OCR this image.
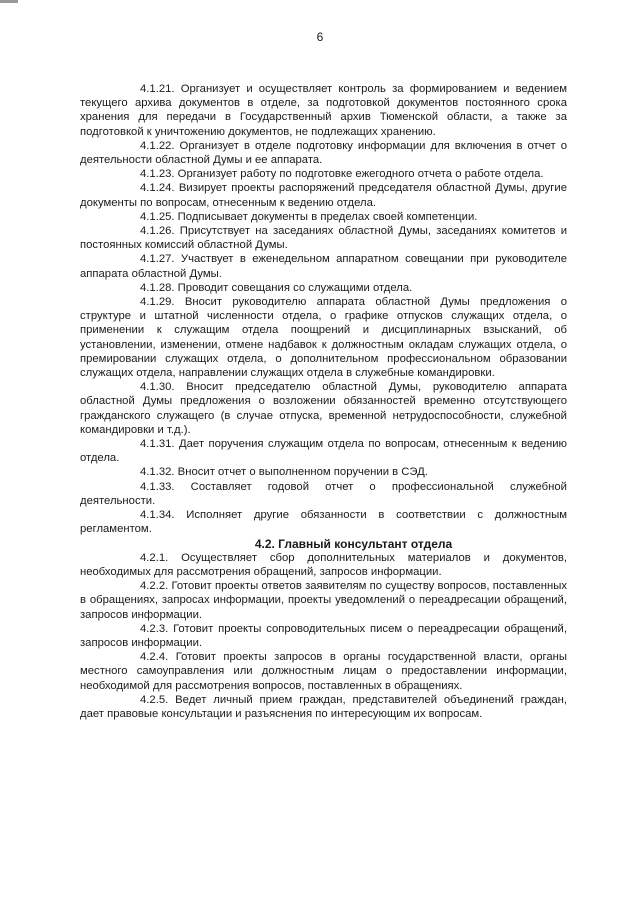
6

4.1.21. Организует и осуществляет контроль за формированием и ведением текущего архива документов в отделе, за подготовкой документов постоянного срока хранения для передачи в Государственный архив Тюменской области, а также за подготовкой к уничтожению документов, не подлежащих хранению.

4.1.22. Организует в отделе подготовку информации для включения в отчет о деятельности областной Думы и ее аппарата.

4.1.23. Организует работу по подготовке ежегодного отчета о работе отдела.

4.1.24. Визирует проекты распоряжений председателя областной Думы, другие документы по вопросам, отнесенным к ведению отдела.

4.1.25. Подписывает документы в пределах своей компетенции.

4.1.26. Присутствует на заседаниях областной Думы, заседаниях комитетов и постоянных комиссий областной Думы.

4.1.27. Участвует в еженедельном аппаратном совещании при руководителе аппарата областной Думы.

4.1.28. Проводит совещания со служащими отдела.

4.1.29. Вносит руководителю аппарата областной Думы предложения о структуре и штатной численности отдела, о графике отпусков служащих отдела, о применении к служащим отдела поощрений и дисциплинарных взысканий, об установлении, изменении, отмене надбавок к должностным окладам служащих отдела, о премировании служащих отдела, о дополнительном профессиональном образовании служащих отдела, направлении служащих отдела в служебные командировки.

4.1.30. Вносит председателю областной Думы, руководителю аппарата областной Думы предложения о возложении обязанностей временно отсутствующего гражданского служащего (в случае отпуска, временной нетрудоспособности, служебной командировки и т.д.).

4.1.31. Дает поручения служащим отдела по вопросам, отнесенным к ведению отдела.

4.1.32. Вносит отчет о выполненном поручении в СЭД.

4.1.33. Составляет годовой отчет о профессиональной служебной деятельности.

4.1.34. Исполняет другие обязанности в соответствии с должностным регламентом.

4.2. Главный консультант отдела

4.2.1. Осуществляет сбор дополнительных материалов и документов, необходимых для рассмотрения обращений, запросов информации.

4.2.2. Готовит проекты ответов заявителям по существу вопросов, поставленных в обращениях, запросах информации, проекты уведомлений о переадресации обращений, запросов информации.

4.2.3. Готовит проекты сопроводительных писем о переадресации обращений, запросов информации.

4.2.4. Готовит проекты запросов в органы государственной власти, органы местного самоуправления или должностным лицам о предоставлении информации, необходимой для рассмотрения вопросов, поставленных в обращениях.

4.2.5. Ведет личный прием граждан, представителей объединений граждан, дает правовые консультации и разъяснения по интересующим их вопросам.
